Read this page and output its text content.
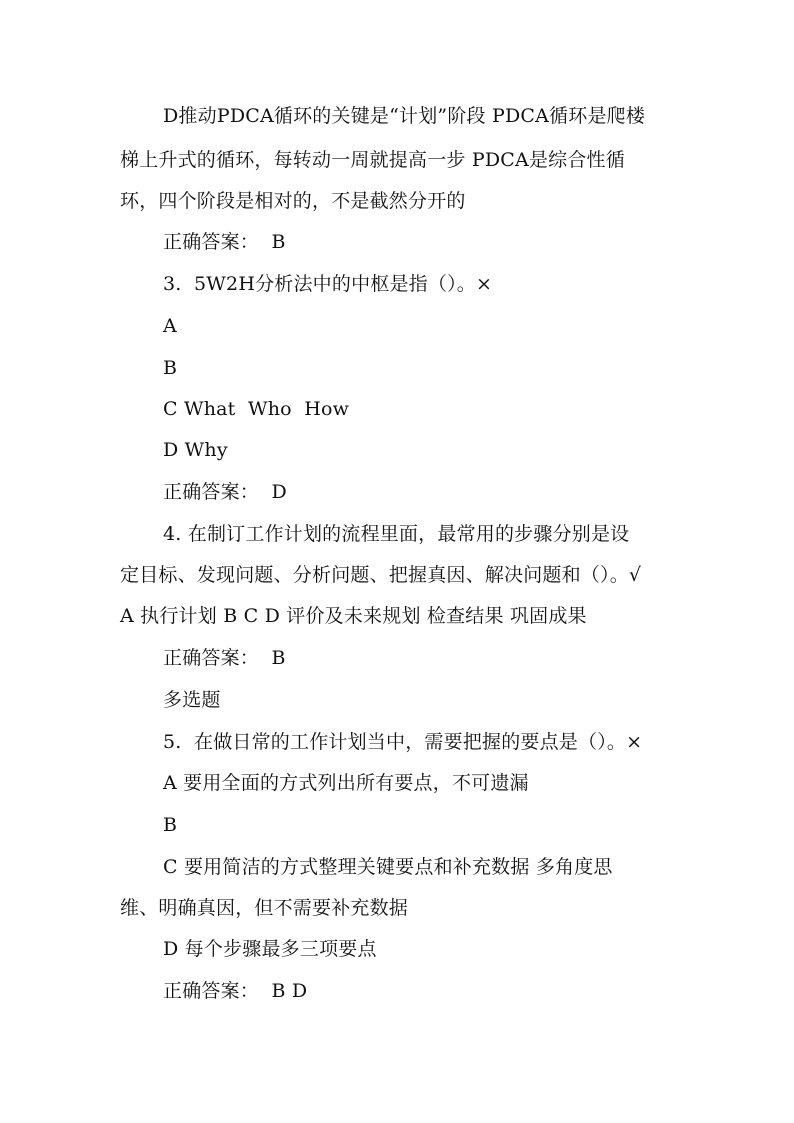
D推动PDCA循环的关键是“计划”阶段 PDCA循环是爬楼
梯上升式的循环，每转动一周就提高一步 PDCA是综合性循
环，四个阶段是相对的，不是截然分开的
正确答案：  B
3.  5W2H分析法中的中枢是指（）。×
A
B
C What  Who  How
D Why
正确答案：  D
4. 在制订工作计划的流程里面，最常用的步骤分别是设
定目标、发现问题、分析问题、把握真因、解决问题和（）。√
A 执行计划 B C D 评价及未来规划 检查结果 巩固成果
正确答案：  B
多选题
5.  在做日常的工作计划当中，需要把握的要点是（）。×
A 要用全面的方式列出所有要点，不可遗漏
B
C 要用简洁的方式整理关键要点和补充数据 多角度思
维、明确真因，但不需要补充数据
D 每个步骤最多三项要点
正确答案：  B D
